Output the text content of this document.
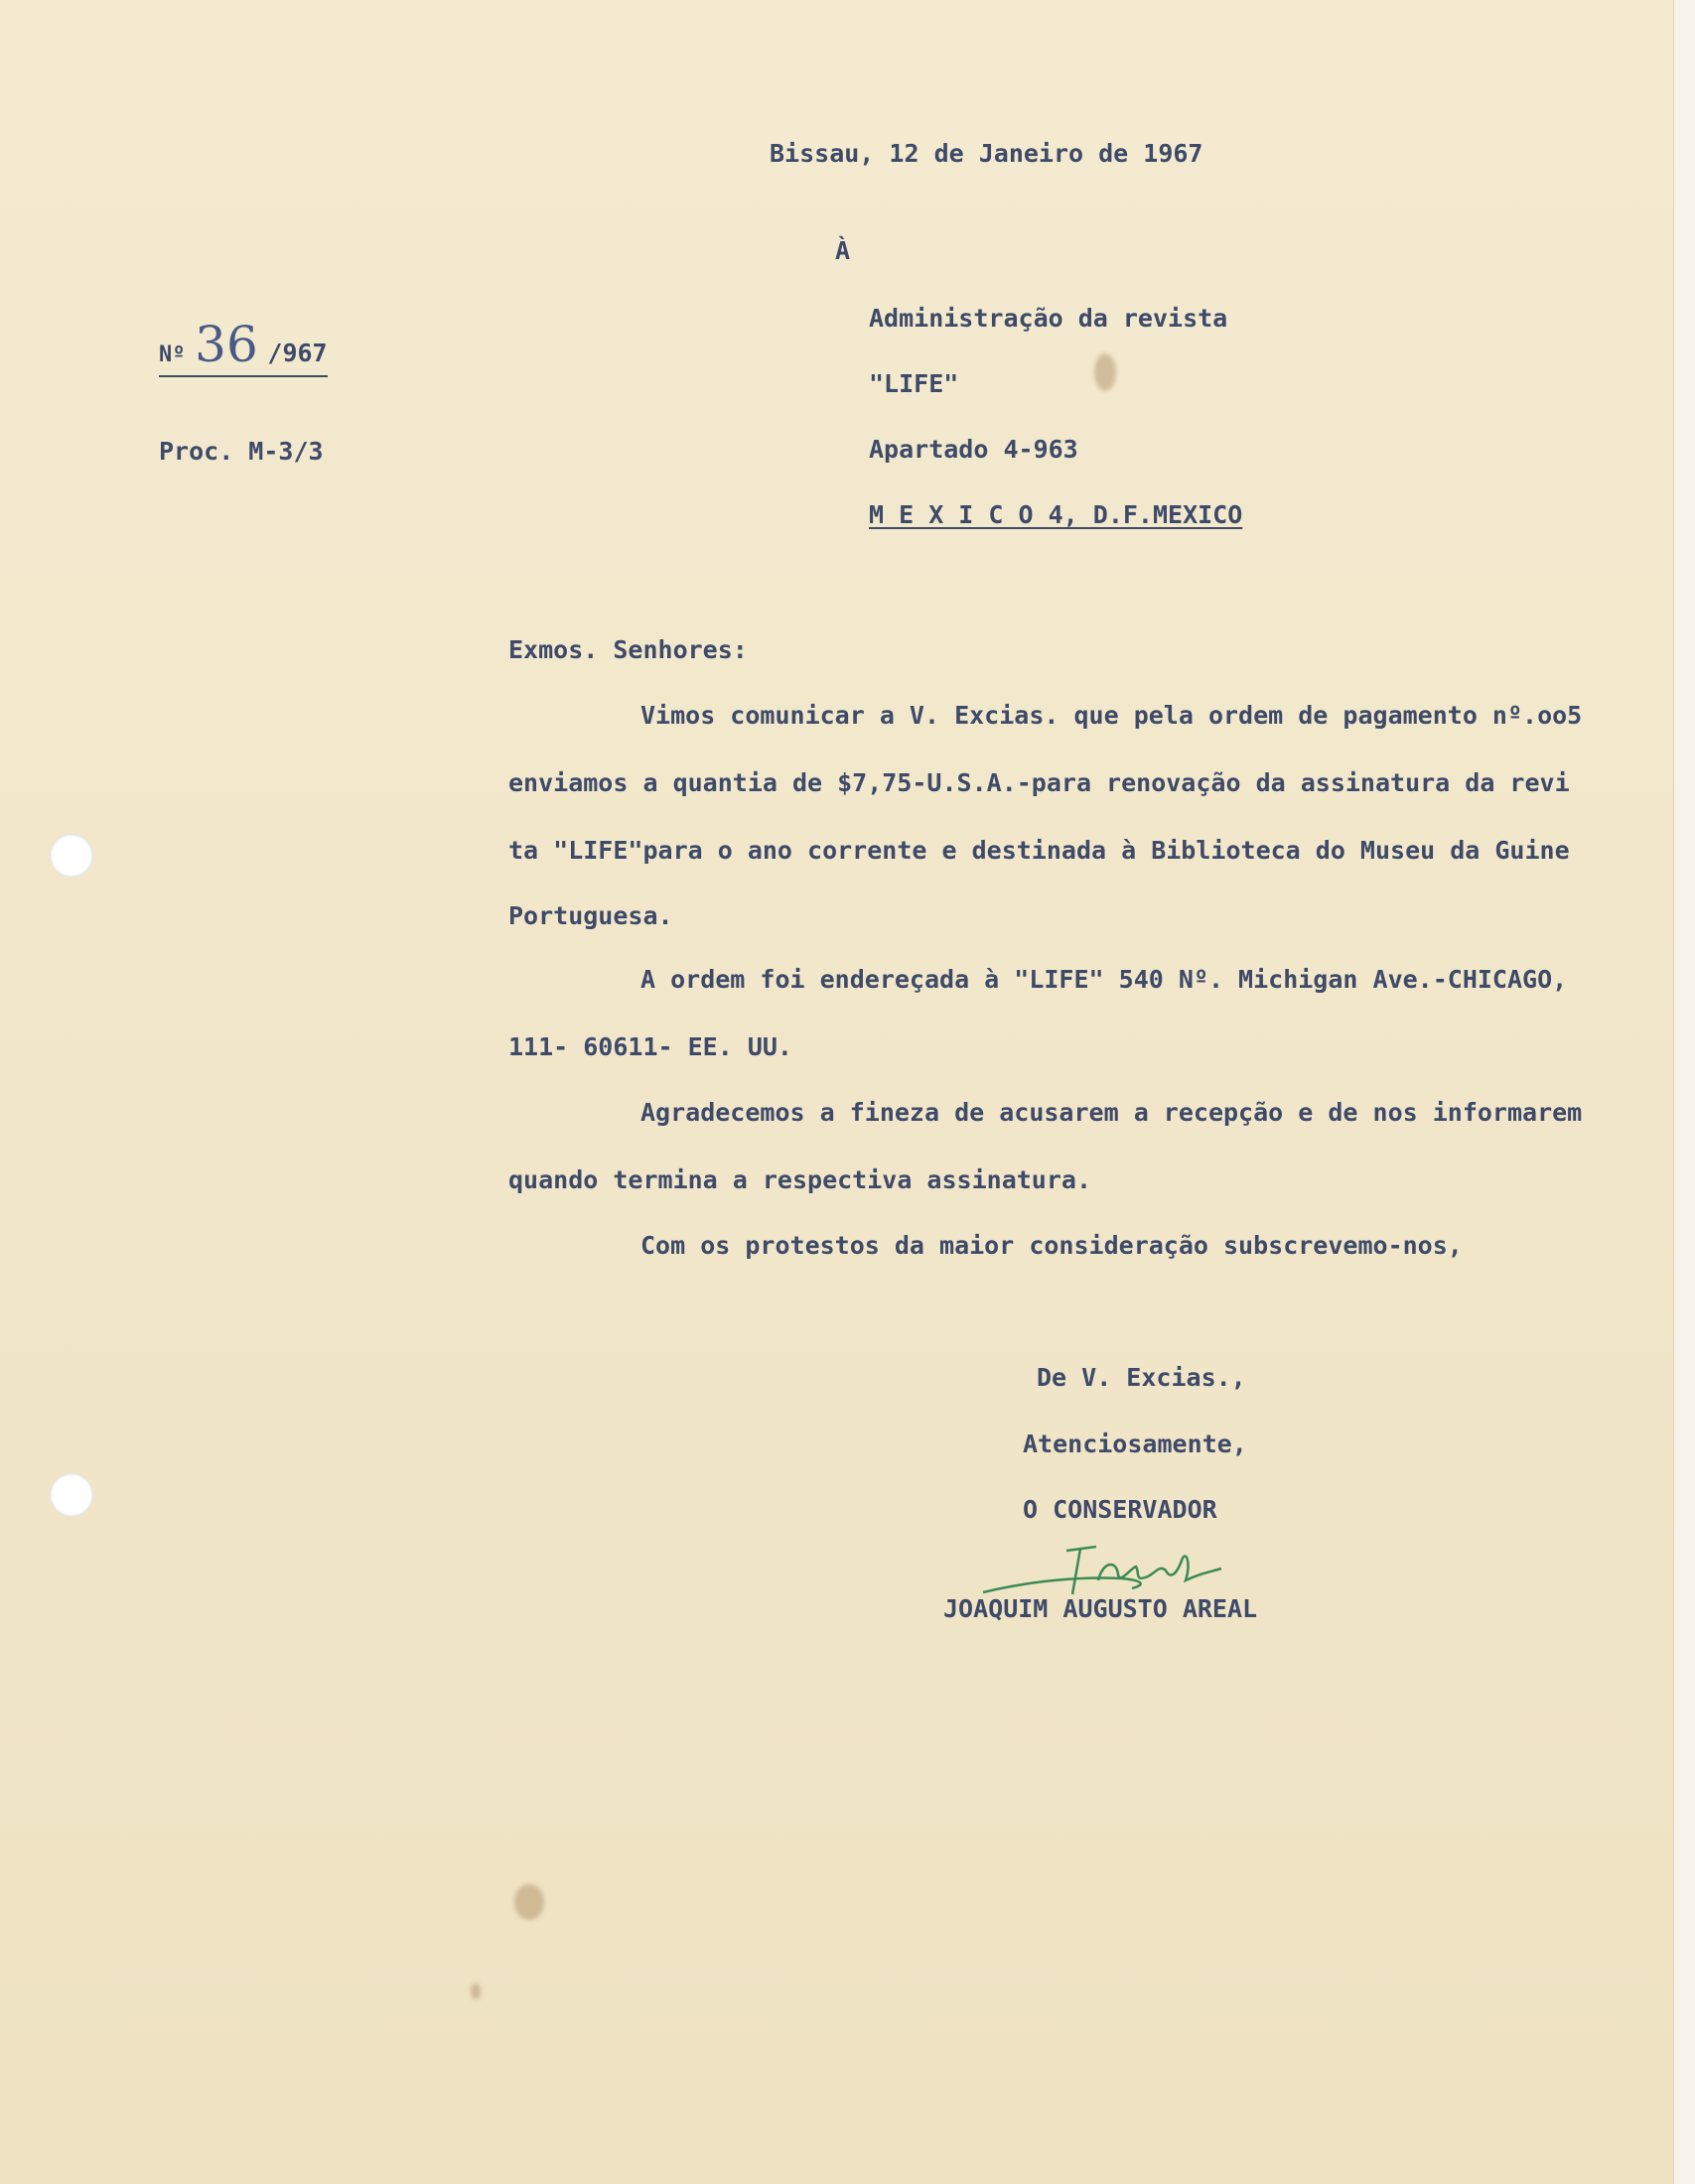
Bissau, 12 de Janeiro de 1967
À
Administração da revista
"LIFE"
Apartado 4-963
M E X I C O 4, D.F.MEXICO
Nº 36 /967
Proc. M-3/3
Exmos. Senhores:
Vimos comunicar a V. Excias. que pela ordem de pagamento nº.oo5
enviamos a quantia de $7,75-U.S.A.-para renovação da assinatura da revi
ta "LIFE"para o ano corrente e destinada à Biblioteca do Museu da Guine
Portuguesa.
A ordem foi endereçada à "LIFE" 540 Nº. Michigan Ave.-CHICAGO,
111- 60611- EE. UU.
Agradecemos a fineza de acusarem a recepção e de nos informarem
quando termina a respectiva assinatura.
Com os protestos da maior consideração subscrevemo-nos,
De V. Excias.,
Atenciosamente,
O CONSERVADOR
JOAQUIM AUGUSTO AREAL
